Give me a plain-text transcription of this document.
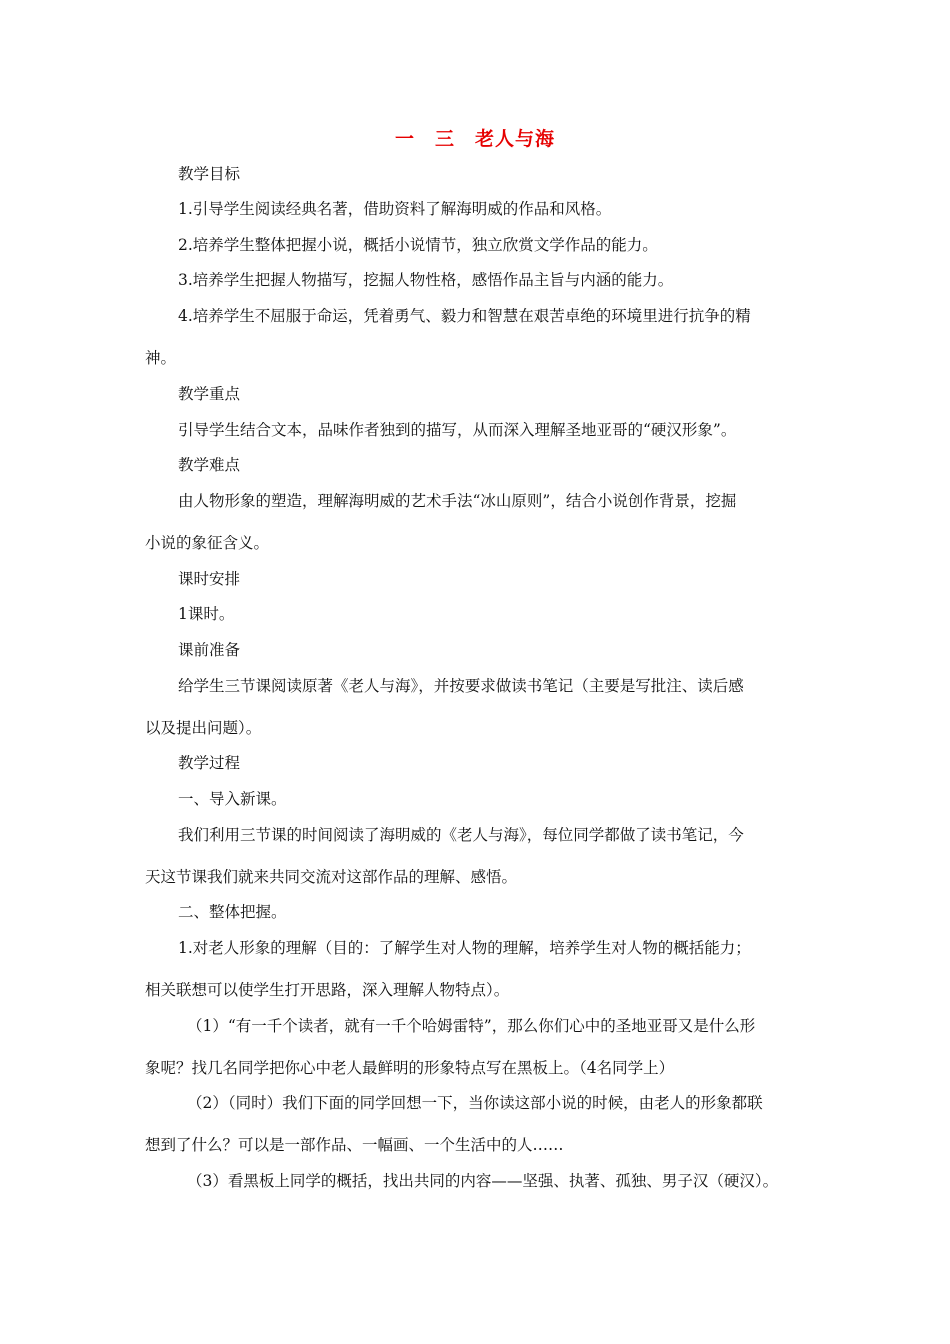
一　三　老人与海
教学目标
1.引导学生阅读经典名著，借助资料了解海明威的作品和风格。
2.培养学生整体把握小说，概括小说情节，独立欣赏文学作品的能力。
3.培养学生把握人物描写，挖掘人物性格，感悟作品主旨与内涵的能力。
4.培养学生不屈服于命运，凭着勇气、毅力和智慧在艰苦卓绝的环境里进行抗争的精
神。
教学重点
引导学生结合文本，品味作者独到的描写，从而深入理解圣地亚哥的“硬汉形象”。
教学难点
由人物形象的塑造，理解海明威的艺术手法“冰山原则”，结合小说创作背景，挖掘
小说的象征含义。
课时安排
1课时。
课前准备
给学生三节课阅读原著《老人与海》，并按要求做读书笔记（主要是写批注、读后感
以及提出问题）。
教学过程
一、导入新课。
我们利用三节课的时间阅读了海明威的《老人与海》，每位同学都做了读书笔记，今
天这节课我们就来共同交流对这部作品的理解、感悟。
二、整体把握。
1.对老人形象的理解（目的：了解学生对人物的理解，培养学生对人物的概括能力；
相关联想可以使学生打开思路，深入理解人物特点）。
（1）“有一千个读者，就有一千个哈姆雷特”，那么你们心中的圣地亚哥又是什么形
象呢？找几名同学把你心中老人最鲜明的形象特点写在黑板上。（4名同学上）
（2）（同时）我们下面的同学回想一下，当你读这部小说的时候，由老人的形象都联
想到了什么？可以是一部作品、一幅画、一个生活中的人……
（3）看黑板上同学的概括，找出共同的内容——坚强、执著、孤独、男子汉（硬汉）。
